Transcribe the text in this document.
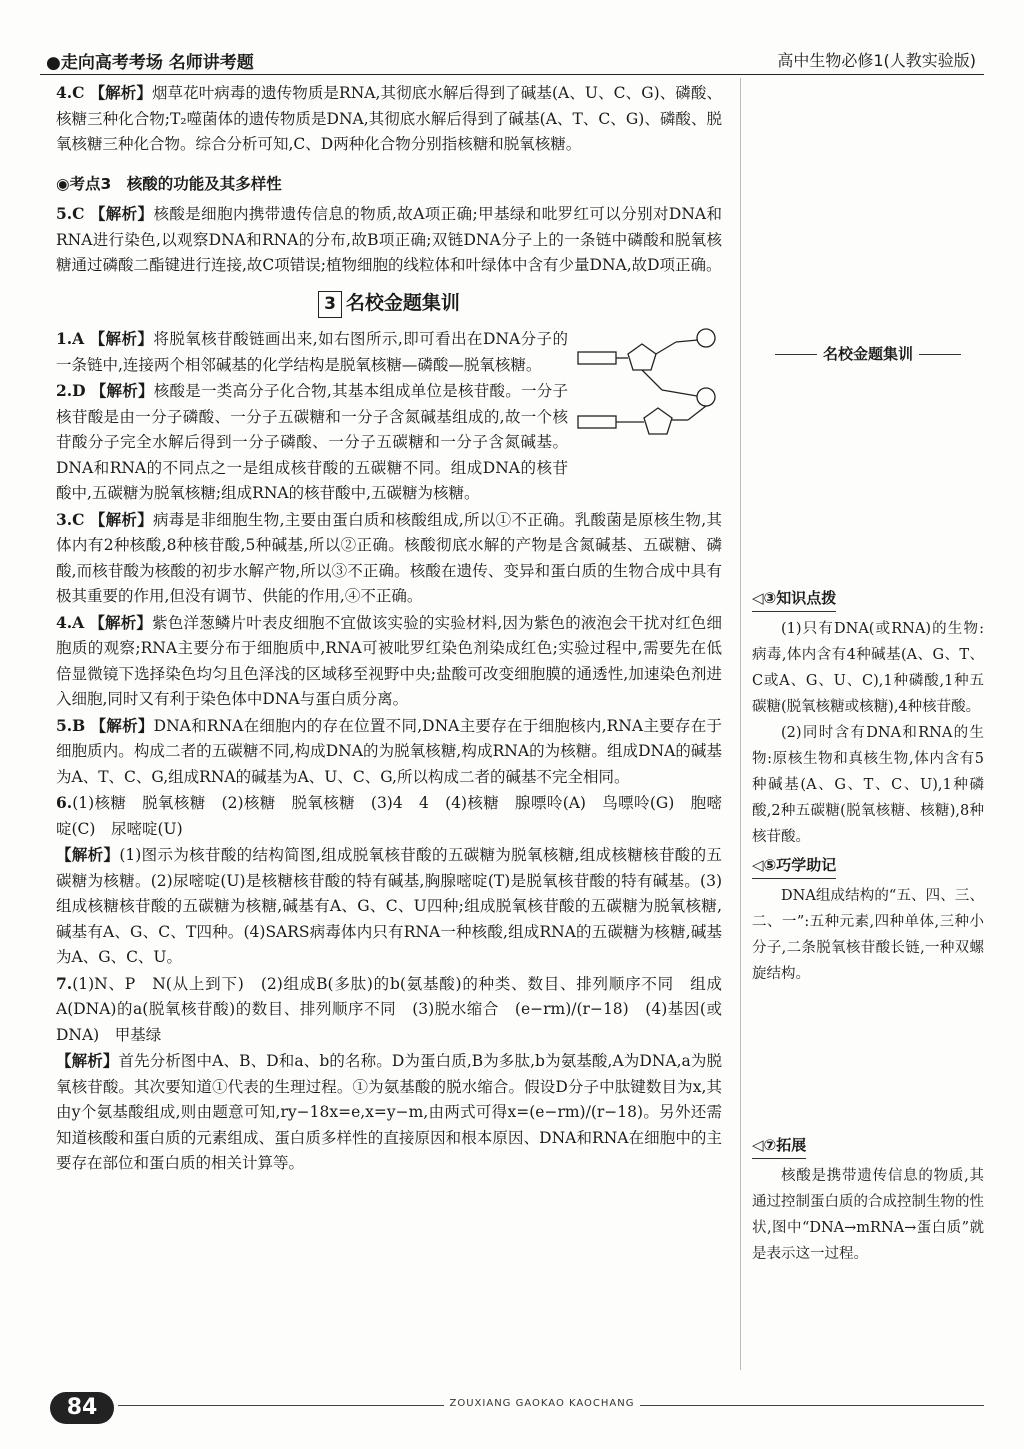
●走向高考考场 名师讲考题	高中生物必修1(人教实验版)

4.C 【解析】烟草花叶病毒的遗传物质是RNA,其彻底水解后得到了碱基(A、U、C、G)、磷酸、核糖三种化合物;T₂噬菌体的遗传物质是DNA,其彻底水解后得到了碱基(A、T、C、G)、磷酸、脱氧核糖三种化合物。综合分析可知,C、D两种化合物分别指核糖和脱氧核糖。

◉考点3　核酸的功能及其多样性

5.C 【解析】核酸是细胞内携带遗传信息的物质,故A项正确;甲基绿和吡罗红可以分别对DNA和RNA进行染色,以观察DNA和RNA的分布,故B项正确;双链DNA分子上的一条链中磷酸和脱氧核糖通过磷酸二酯键进行连接,故C项错误;植物细胞的线粒体和叶绿体中含有少量DNA,故D项正确。

3 名校金题集训

1.A 【解析】将脱氧核苷酸链画出来,如右图所示,即可看出在DNA分子的一条链中,连接两个相邻碱基的化学结构是脱氧核糖—磷酸—脱氧核糖。

2.D 【解析】核酸是一类高分子化合物,其基本组成单位是核苷酸。一分子核苷酸是由一分子磷酸、一分子五碳糖和一分子含氮碱基组成的,故一个核苷酸分子完全水解后得到一分子磷酸、一分子五碳糖和一分子含氮碱基。DNA和RNA的不同点之一是组成核苷酸的五碳糖不同。组成DNA的核苷酸中,五碳糖为脱氧核糖;组成RNA的核苷酸中,五碳糖为核糖。

3.C 【解析】病毒是非细胞生物,主要由蛋白质和核酸组成,所以①不正确。乳酸菌是原核生物,其体内有2种核酸,8种核苷酸,5种碱基,所以②正确。核酸彻底水解的产物是含氮碱基、五碳糖、磷酸,而核苷酸为核酸的初步水解产物,所以③不正确。核酸在遗传、变异和蛋白质的生物合成中具有极其重要的作用,但没有调节、供能的作用,④不正确。

4.A 【解析】紫色洋葱鳞片叶表皮细胞不宜做该实验的实验材料,因为紫色的液泡会干扰对红色细胞质的观察;RNA主要分布于细胞质中,RNA可被吡罗红染色剂染成红色;实验过程中,需要先在低倍显微镜下选择染色均匀且色泽浅的区域移至视野中央;盐酸可改变细胞膜的通透性,加速染色剂进入细胞,同时又有利于染色体中DNA与蛋白质分离。

5.B 【解析】DNA和RNA在细胞内的存在位置不同,DNA主要存在于细胞核内,RNA主要存在于细胞质内。构成二者的五碳糖不同,构成DNA的为脱氧核糖,构成RNA的为核糖。组成DNA的碱基为A、T、C、G,组成RNA的碱基为A、U、C、G,所以构成二者的碱基不完全相同。

6.(1)核糖　脱氧核糖　(2)核糖　脱氧核糖　(3)4　4　(4)核糖　腺嘌呤(A)　鸟嘌呤(G)　胞嘧啶(C)　尿嘧啶(U)

【解析】(1)图示为核苷酸的结构简图,组成脱氧核苷酸的五碳糖为脱氧核糖,组成核糖核苷酸的五碳糖为核糖。(2)尿嘧啶(U)是核糖核苷酸的特有碱基,胸腺嘧啶(T)是脱氧核苷酸的特有碱基。(3)组成核糖核苷酸的五碳糖为核糖,碱基有A、G、C、U四种;组成脱氧核苷酸的五碳糖为脱氧核糖,碱基有A、G、C、T四种。(4)SARS病毒体内只有RNA一种核酸,组成RNA的五碳糖为核糖,碱基为A、G、C、U。

7.(1)N、P　N(从上到下)　(2)组成B(多肽)的b(氨基酸)的种类、数目、排列顺序不同　组成A(DNA)的a(脱氧核苷酸)的数目、排列顺序不同　(3)脱水缩合　(e−rm)/(r−18)　(4)基因(或DNA)　甲基绿

【解析】首先分析图中A、B、D和a、b的名称。D为蛋白质,B为多肽,b为氨基酸,A为DNA,a为脱氧核苷酸。其次要知道①代表的生理过程。①为氨基酸的脱水缩合。假设D分子中肽键数目为x,其由y个氨基酸组成,则由题意可知,ry−18x=e,x=y−m,由两式可得x=(e−rm)/(r−18)。另外还需知道核酸和蛋白质的元素组成、蛋白质多样性的直接原因和根本原因、DNA和RNA在细胞中的主要存在部位和蛋白质的相关计算等。

名校金题集训
◁③知识点拨

(1)只有DNA(或RNA)的生物:病毒,体内含有4种碱基(A、G、T、C或A、G、U、C),1种磷酸,1种五碳糖(脱氧核糖或核糖),4种核苷酸。

(2)同时含有DNA和RNA的生物:原核生物和真核生物,体内含有5种碱基(A、G、T、C、U),1种磷酸,2种五碳糖(脱氧核糖、核糖),8种核苷酸。

◁⑤巧学助记

DNA组成结构的“五、四、三、二、一”:五种元素,四种单体,三种小分子,二条脱氧核苷酸长链,一种双螺旋结构。

◁⑦拓展

核酸是携带遗传信息的物质,其通过控制蛋白质的合成控制生物的性状,图中“DNA→mRNA→蛋白质”就是表示这一过程。

84	ZOUXIANG GAOKAO KAOCHANG
